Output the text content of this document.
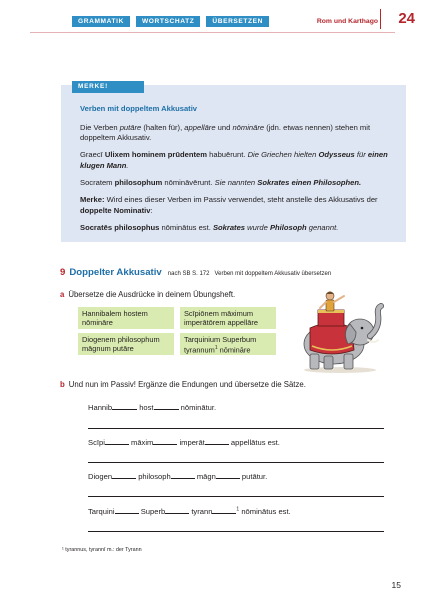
GRAMMATIK	WORTSCHATZ	ÜBERSETZEN	Rom und Karthago 24
MERKE!
Verben mit doppeltem Akkusativ
Die Verben putāre (halten für), appellāre und nōmināre (jdn. etwas nennen) stehen mit doppeltem Akkusativ.
Graecī Ulixem hominem prūdentem habuērunt. Die Griechen hielten Odysseus für einen klugen Mann.
Socratem philosophum nōmināvērunt. Sie nannten Sokrates einen Philosophen.
Merke: Wird eines dieser Verben im Passiv verwendet, steht anstelle des Akkusativs der doppelte Nominativ:
Socratēs philosophus nōminātus est. Sokrates wurde Philosoph genannt.
9 Doppelter Akkusativ nach SB S. 172 Verben mit doppeltem Akkusativ übersetzen
a Übersetze die Ausdrücke in deinem Übungsheft.
Hannibalem hostem
nōmināre
Scīpiōnem māximum
imperātōrem appellāre
Diogenem philosophum
māgnum putāre
Tarquinium Superbum
tyrannum$^1$ nōmināre
b Und nun im Passiv! Ergänze die Endungen und übersetze die Sätze.
Hannib	host	nōminātur.
Scīpi	māxim	imperāt	appellātus est.
Diogen	philosoph	māgn	putātur.
Tarquini	Superb	tyrann	$^1$ nōminātus est.
¹ tyrannus, tyrannī m.: der Tyrann
15
